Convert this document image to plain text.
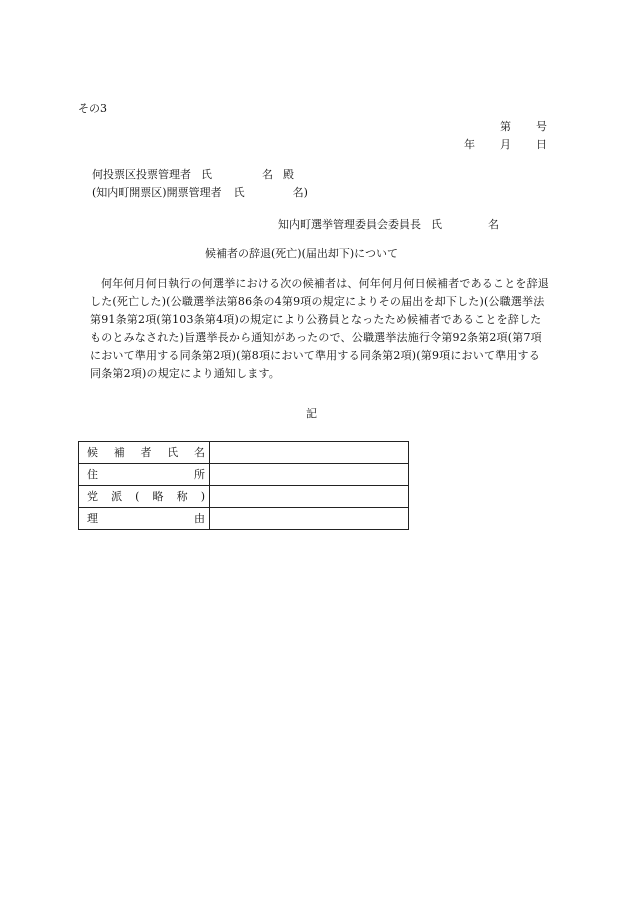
その3
第 号
年 月 日
何投票区投票管理者 氏	名 殿
(知内町開票区)開票管理者 氏	名)
知内町選挙管理委員会委員長 氏	名
候補者の辞退(死亡)(届出却下)について
何年何月何日執行の何選挙における次の候補者は、何年何月何日候補者であることを辞退した(死亡した)(公職選挙法第86条の4第9項の規定によりその届出を却下した)(公職選挙法第91条第2項(第103条第4項)の規定により公務員となったため候補者であることを辞したものとみなされた)旨選挙長から通知があったので、公職選挙法施行令第92条第2項(第7項において準用する同条第2項)(第8項において準用する同条第2項)(第9項において準用する同条第2項)の規定により通知します。
記
候補者氏名	
住所	
党派(略称)	
理由	
